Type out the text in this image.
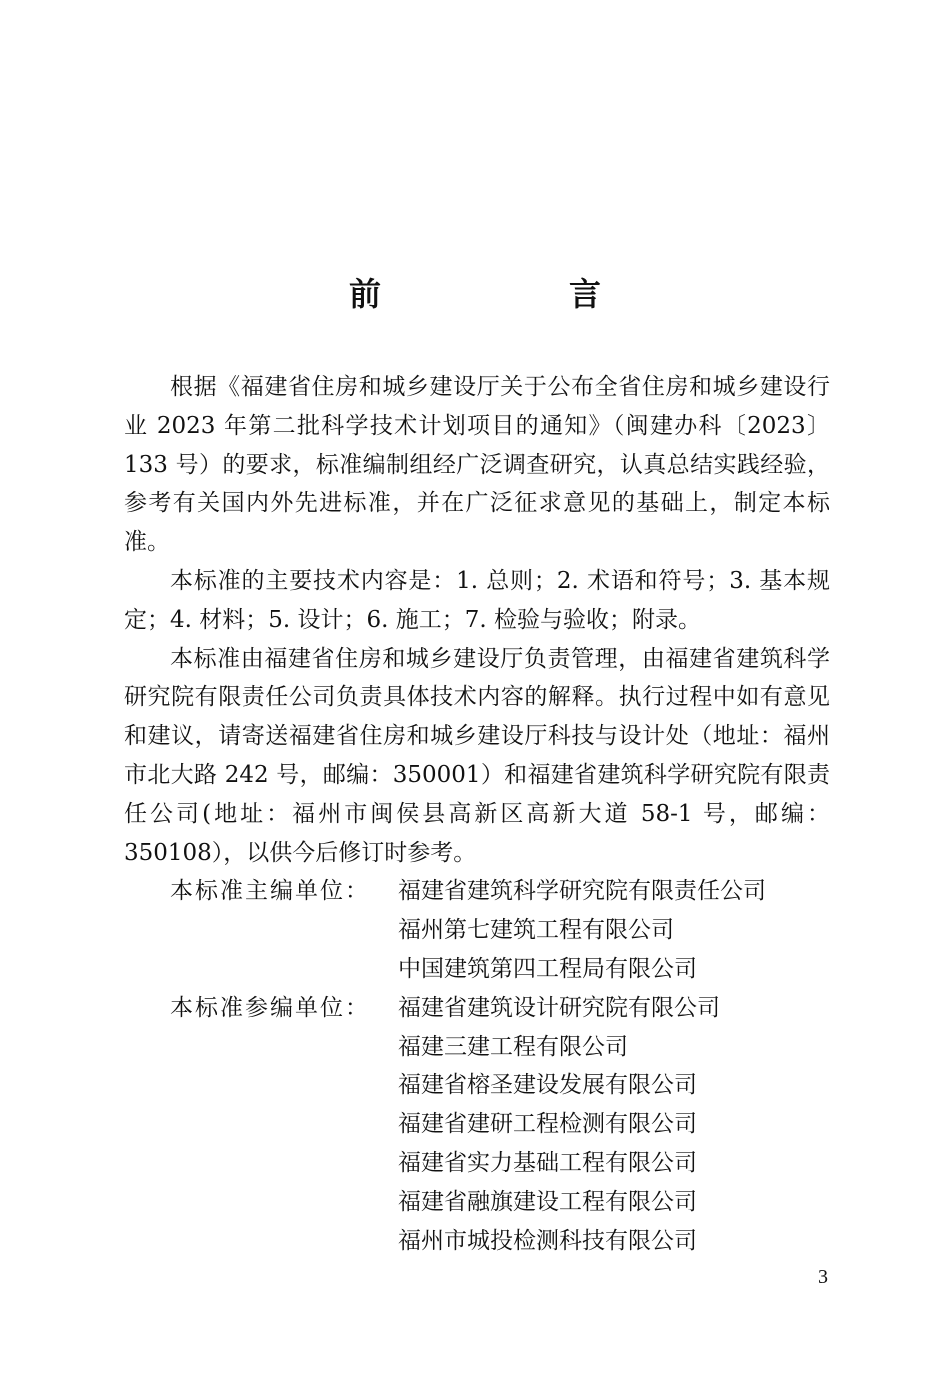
前　言

根据《福建省住房和城乡建设厅关于公布全省住房和城乡建设行业 2023 年第二批科学技术计划项目的通知》（闽建办科〔2023〕133 号）的要求，标准编制组经广泛调查研究，认真总结实践经验，参考有关国内外先进标准，并在广泛征求意见的基础上，制定本标准。

本标准的主要技术内容是：1. 总则；2. 术语和符号；3. 基本规定；4. 材料；5. 设计；6. 施工；7. 检验与验收；附录。

本标准由福建省住房和城乡建设厅负责管理，由福建省建筑科学研究院有限责任公司负责具体技术内容的解释。执行过程中如有意见和建议，请寄送福建省住房和城乡建设厅科技与设计处（地址：福州市北大路 242 号，邮编：350001）和福建省建筑科学研究院有限责任公司(地址：福州市闽侯县高新区高新大道 58-1 号，邮编：350108），以供今后修订时参考。

本标准主编单位：	福建省建筑科学研究院有限责任公司
福州第七建筑工程有限公司
中国建筑第四工程局有限公司
本标准参编单位：	福建省建筑设计研究院有限公司
福建三建工程有限公司
福建省榕圣建设发展有限公司
福建省建研工程检测有限公司
福建省实力基础工程有限公司
福建省融旗建设工程有限公司
福州市城投检测科技有限公司
3
